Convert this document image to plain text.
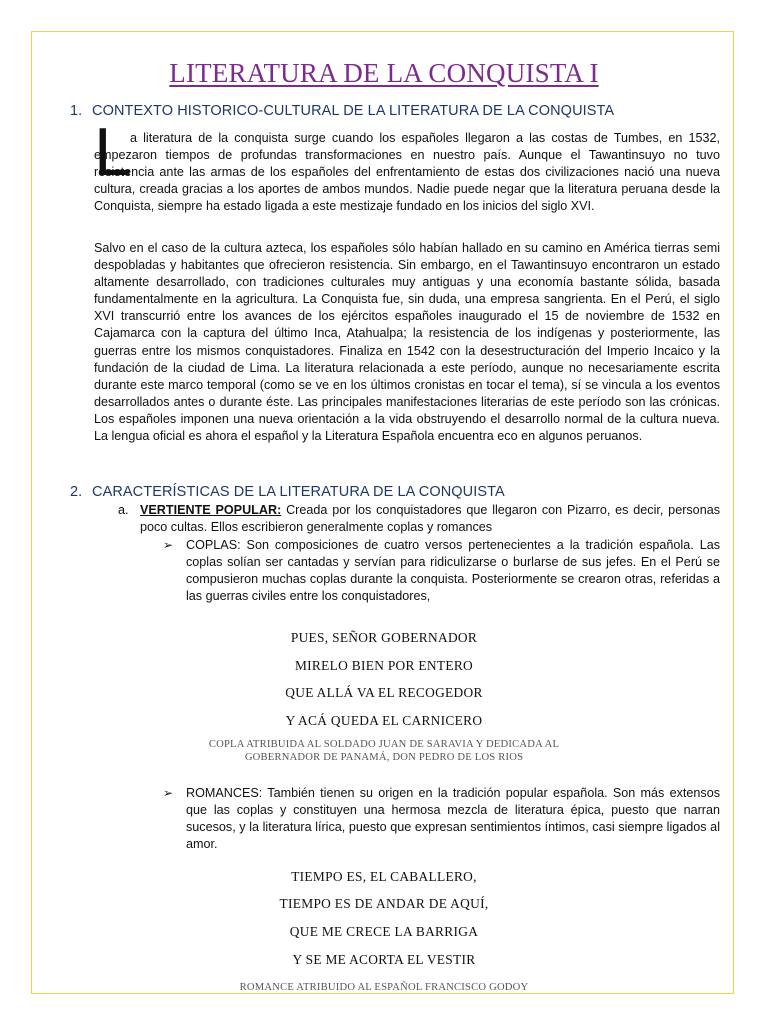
LITERATURA DE LA CONQUISTA I
1. CONTEXTO HISTORICO-CULTURAL DE LA LITERATURA DE LA CONQUISTA
L

a literatura de la conquista surge cuando los españoles llegaron a las costas de Tumbes, en 1532, empezaron tiempos de profundas transformaciones en nuestro país. Aunque el Tawantinsuyo no tuvo resistencia ante las armas de los españoles del enfrentamiento de estas dos civilizaciones nació una nueva cultura, creada gracias a los aportes de ambos mundos. Nadie puede negar que la literatura peruana desde la Conquista, siempre ha estado ligada a este mestizaje fundado en los inicios del siglo XVI.

Salvo en el caso de la cultura azteca, los españoles sólo habían hallado en su camino en América tierras semi despobladas y habitantes que ofrecieron resistencia. Sin embargo, en el Tawantinsuyo encontraron un estado altamente desarrollado, con tradiciones culturales muy antiguas y una economía bastante sólida, basada fundamentalmente en la agricultura. La Conquista fue, sin duda, una empresa sangrienta. En el Perú, el siglo XVI transcurrió entre los avances de los ejércitos españoles inaugurado el 15 de noviembre de 1532 en Cajamarca con la captura del último Inca, Atahualpa; la resistencia de los indígenas y posteriormente, las guerras entre los mismos conquistadores. Finaliza en 1542 con la desestructuración del Imperio Incaico y la fundación de la ciudad de Lima. La literatura relacionada a este período, aunque no necesariamente escrita durante este marco temporal (como se ve en los últimos cronistas en tocar el tema), sí se vincula a los eventos desarrollados antes o durante éste. Las principales manifestaciones literarias de este período son las crónicas. Los españoles imponen una nueva orientación a la vida obstruyendo el desarrollo normal de la cultura nueva. La lengua oficial es ahora el español y la Literatura Española encuentra eco en algunos peruanos.

2. CARACTERÍSTICAS DE LA LITERATURA DE LA CONQUISTA
a. VERTIENTE POPULAR: Creada por los conquistadores que llegaron con Pizarro, es decir, personas poco cultas. Ellos escribieron generalmente coplas y romances

➢ COPLAS: Son composiciones de cuatro versos pertenecientes a la tradición española. Las coplas solían ser cantadas y servían para ridiculizarse o burlarse de sus jefes. En el Perú se compusieron muchas coplas durante la conquista. Posteriormente se crearon otras, referidas a las guerras civiles entre los conquistadores,

PUES, SEÑOR GOBERNADOR

MIRELO BIEN POR ENTERO

QUE ALLÁ VA EL RECOGEDOR

Y ACÁ QUEDA EL CARNICERO

COPLA ATRIBUIDA AL SOLDADO JUAN DE SARAVIA Y DEDICADA AL

GOBERNADOR DE PANAMÁ, DON PEDRO DE LOS RIOS

➢ ROMANCES: También tienen su origen en la tradición popular española. Son más extensos que las coplas y constituyen una hermosa mezcla de literatura épica, puesto que narran sucesos, y la literatura lírica, puesto que expresan sentimientos íntimos, casi siempre ligados al amor.

TIEMPO ES, EL CABALLERO,

TIEMPO ES DE ANDAR DE AQUÍ,

QUE ME CRECE LA BARRIGA

Y SE ME ACORTA EL VESTIR

ROMANCE ATRIBUIDO AL ESPAÑOL FRANCISCO GODOY
